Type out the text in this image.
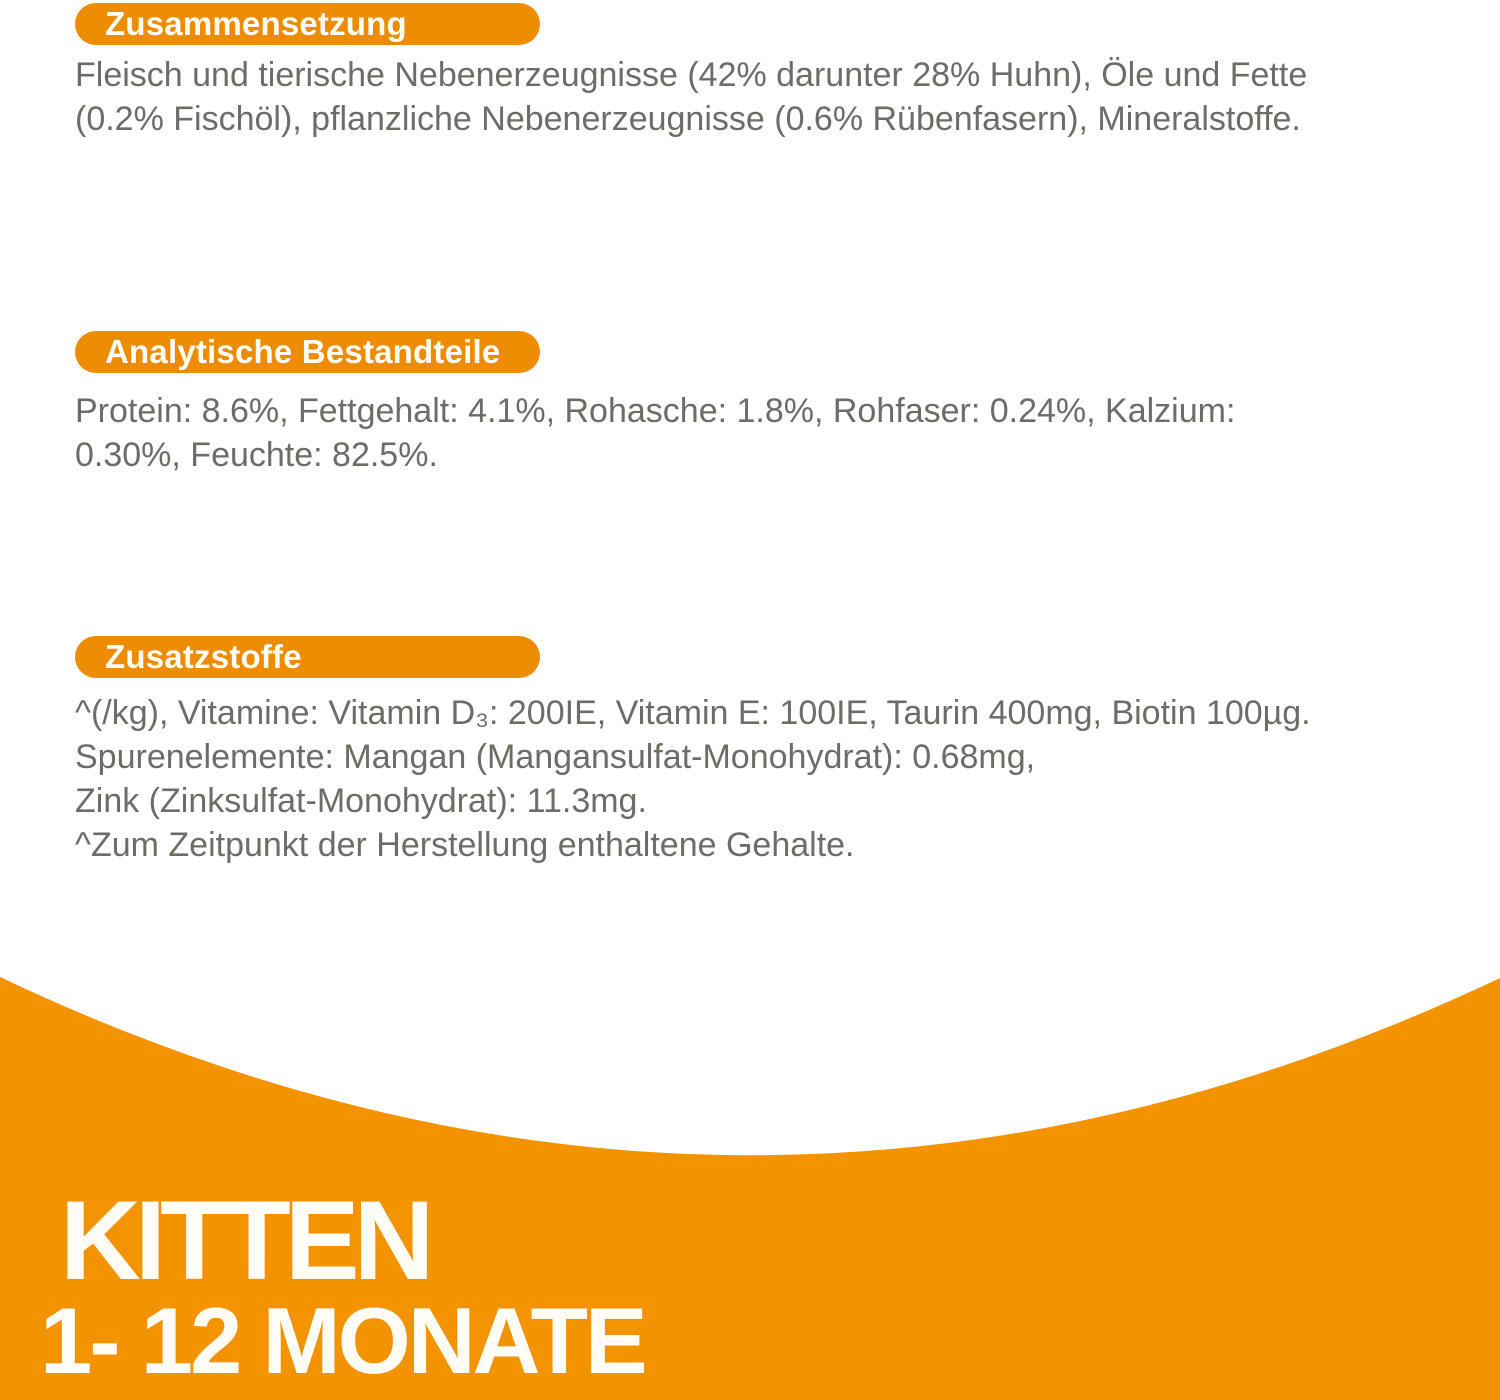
Zusammensetzung
Fleisch und tierische Nebenerzeugnisse (42% darunter 28% Huhn), Öle und Fette
(0.2% Fischöl), pflanzliche Nebenerzeugnisse (0.6% Rübenfasern), Mineralstoffe.
Analytische Bestandteile
Protein: 8.6%, Fettgehalt: 4.1%, Rohasche: 1.8%, Rohfaser: 0.24%, Kalzium:
0.30%, Feuchte: 82.5%.
Zusatzstoffe
^(/kg), Vitamine: Vitamin D₃: 200IE, Vitamin E: 100IE, Taurin 400mg, Biotin 100µg.
Spurenelemente: Mangan (Mangansulfat-Monohydrat): 0.68mg,
Zink (Zinksulfat-Monohydrat): 11.3mg.
^Zum Zeitpunkt der Herstellung enthaltene Gehalte.
KITTEN
1- 12 MONATE
